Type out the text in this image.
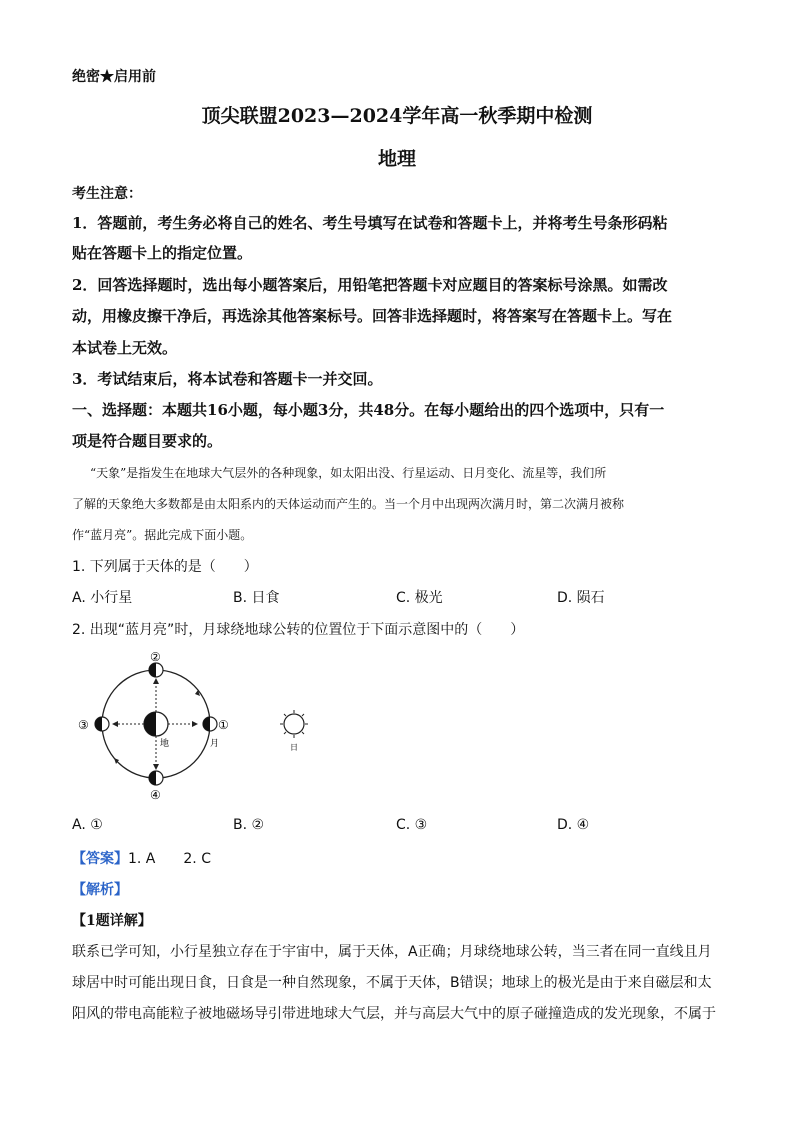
绝密★启用前
顶尖联盟2023—2024学年高一秋季期中检测
地理
考生注意：
1．答题前，考生务必将自己的姓名、考生号填写在试卷和答题卡上，并将考生号条形码粘
贴在答题卡上的指定位置。
2．回答选择题时，选出每小题答案后，用铅笔把答题卡对应题目的答案标号涂黑。如需改
动，用橡皮擦干净后，再选涂其他答案标号。回答非选择题时，将答案写在答题卡上。写在
本试卷上无效。
3．考试结束后，将本试卷和答题卡一并交回。
一、选择题：本题共16小题，每小题3分，共48分。在每小题给出的四个选项中，只有一
项是符合题目要求的。
“天象”是指发生在地球大气层外的各种现象，如太阳出没、行星运动、日月变化、流星等，我们所
了解的天象绝大多数都是由太阳系内的天体运动而产生的。当一个月中出现两次满月时，第二次满月被称
作“蓝月亮”。据此完成下面小题。
1. 下列属于天体的是（　　）
A. 小行星	B. 日食	C. 极光	D. 陨石
2. 出现“蓝月亮”时，月球绕地球公转的位置位于下面示意图中的（　　）
地
①
月
②
③
④
日
A. ①	B. ②	C. ③	D. ④
【答案】1. A　　2. C
【解析】
【1题详解】
联系已学可知，小行星独立存在于宇宙中，属于天体，A正确；月球绕地球公转，当三者在同一直线且月
球居中时可能出现日食，日食是一种自然现象，不属于天体，B错误；地球上的极光是由于来自磁层和太
阳风的带电高能粒子被地磁场导引带进地球大气层，并与高层大气中的原子碰撞造成的发光现象，不属于
